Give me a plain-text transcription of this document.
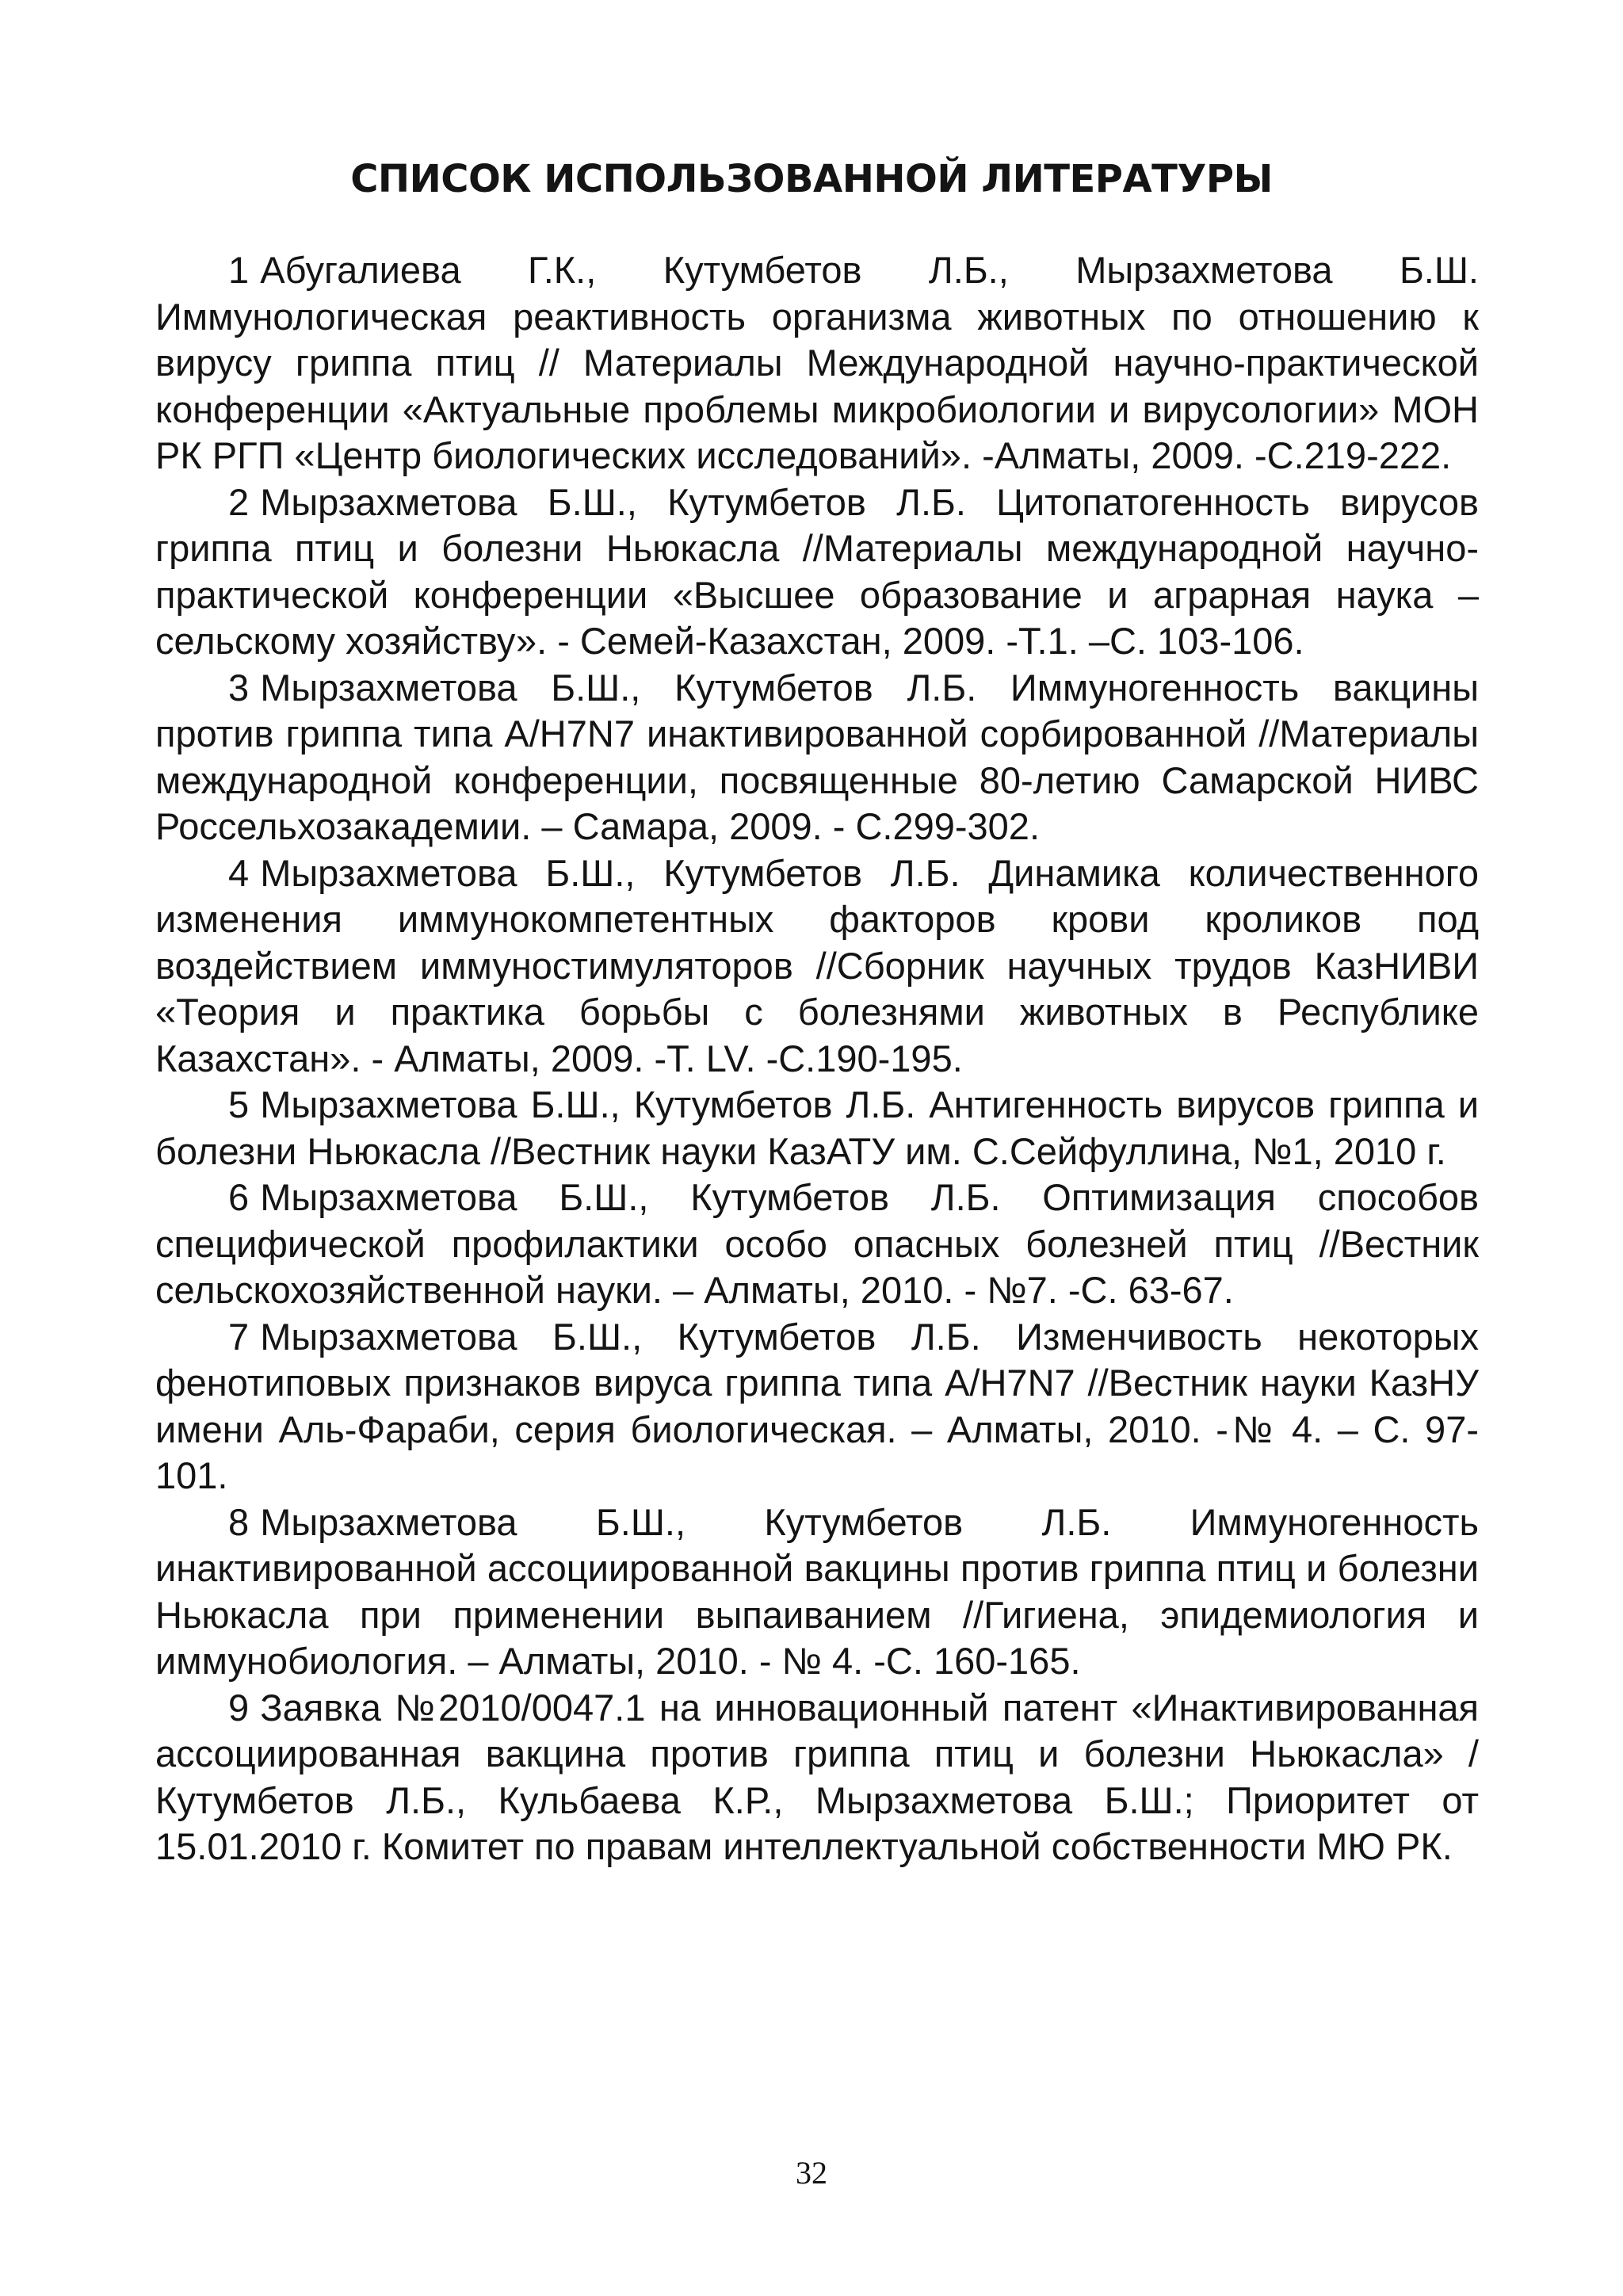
СПИСОК ИСПОЛЬЗОВАННОЙ ЛИТЕРАТУРЫ
1 Абугалиева Г.К., Кутумбетов Л.Б., Мырзахметова Б.Ш. Иммунологическая реактивность организма животных по отношению к вирусу гриппа птиц // Материалы Международной научно-практической конференции «Актуальные проблемы микробиологии и вирусологии» МОН РК РГП «Центр биологических исследований». -Алматы, 2009. -С.219-222.
2 Мырзахметова Б.Ш., Кутумбетов Л.Б. Цитопатогенность вирусов гриппа птиц и болезни Ньюкасла //Материалы международной научно-практической конференции «Высшее образование и аграрная наука – сельскому хозяйству». - Семей-Казахстан, 2009. -Т.1. –С. 103-106.
3 Мырзахметова Б.Ш., Кутумбетов Л.Б. Иммуногенность вакцины против гриппа типа А/Н7N7 инактивированной сорбированной //Материалы международной конференции, посвященные 80-летию Самарской НИВС Россельхозакадемии. – Самара, 2009. - С.299-302.
4 Мырзахметова Б.Ш., Кутумбетов Л.Б. Динамика количественного изменения иммунокомпетентных факторов крови кроликов под воздействием иммуностимуляторов //Сборник научных трудов КазНИВИ «Теория и практика борьбы с болезнями животных в Республике Казахстан». - Алматы, 2009. -Т. LV. -С.190-195.
5 Мырзахметова Б.Ш., Кутумбетов Л.Б. Антигенность вирусов гриппа и болезни Ньюкасла //Вестник науки КазАТУ им. С.Сейфуллина, №1, 2010 г.
6 Мырзахметова Б.Ш., Кутумбетов Л.Б. Оптимизация способов специфической профилактики особо опасных болезней птиц //Вестник сельскохозяйственной науки. – Алматы, 2010. - №7. -С. 63-67.
7 Мырзахметова Б.Ш., Кутумбетов Л.Б. Изменчивость некоторых фенотиповых признаков вируса гриппа типа А/Н7N7 //Вестник науки КазНУ имени Аль-Фараби, серия биологическая. – Алматы, 2010. -№ 4. – С. 97-101.
8 Мырзахметова Б.Ш., Кутумбетов Л.Б. Иммуногенность инактивированной ассоциированной вакцины против гриппа птиц и болезни Ньюкасла при применении выпаиванием //Гигиена, эпидемиология и иммунобиология. – Алматы, 2010. - № 4. -С. 160-165.
9 Заявка №2010/0047.1 на инновационный патент «Инактивированная ассоциированная вакцина против гриппа птиц и болезни Ньюкасла» / Кутумбетов Л.Б., Кульбаева К.Р., Мырзахметова Б.Ш.; Приоритет от 15.01.2010 г. Комитет по правам интеллектуальной собственности МЮ РК.
32
